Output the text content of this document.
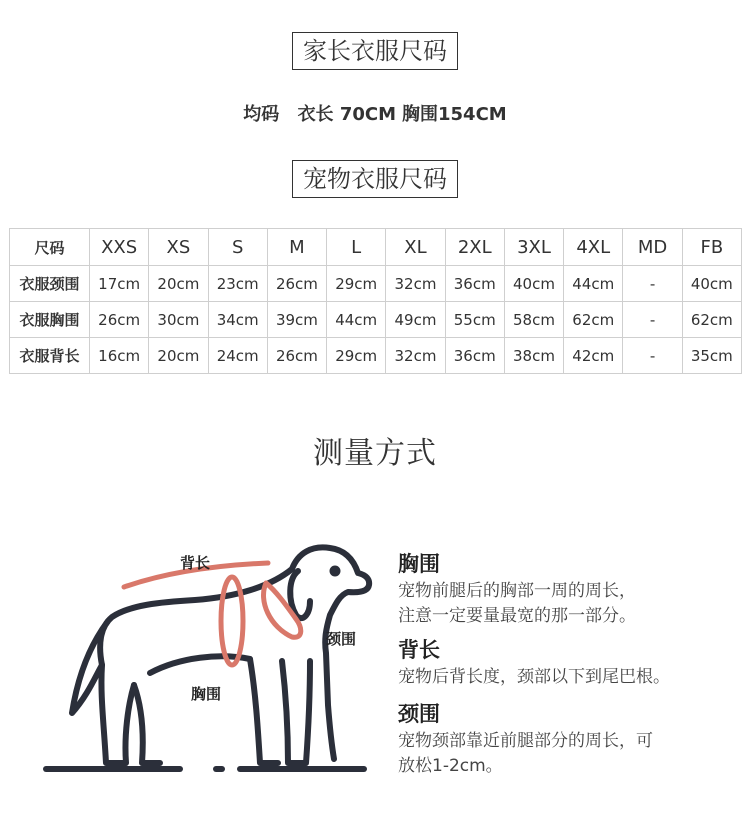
家长衣服尺码
均码 衣长 70CM 胸围154CM
宠物衣服尺码
尺码	XXS	XS	S	M	L	XL	2XL	3XL	4XL	MD	FB
衣服颈围	17cm	20cm	23cm	26cm	29cm	32cm	36cm	40cm	44cm	-	40cm
衣服胸围	26cm	30cm	34cm	39cm	44cm	49cm	55cm	58cm	62cm	-	62cm
衣服背长	16cm	20cm	24cm	26cm	29cm	32cm	36cm	38cm	42cm	-	35cm
测量方式
背长
颈围
胸围
胸围

宠物前腿后的胸部一周的周长，
注意一定要量最宽的那一部分。

背长

宠物后背长度，颈部以下到尾巴根。

颈围

宠物颈部靠近前腿部分的周长，可
放松1-2cm。
